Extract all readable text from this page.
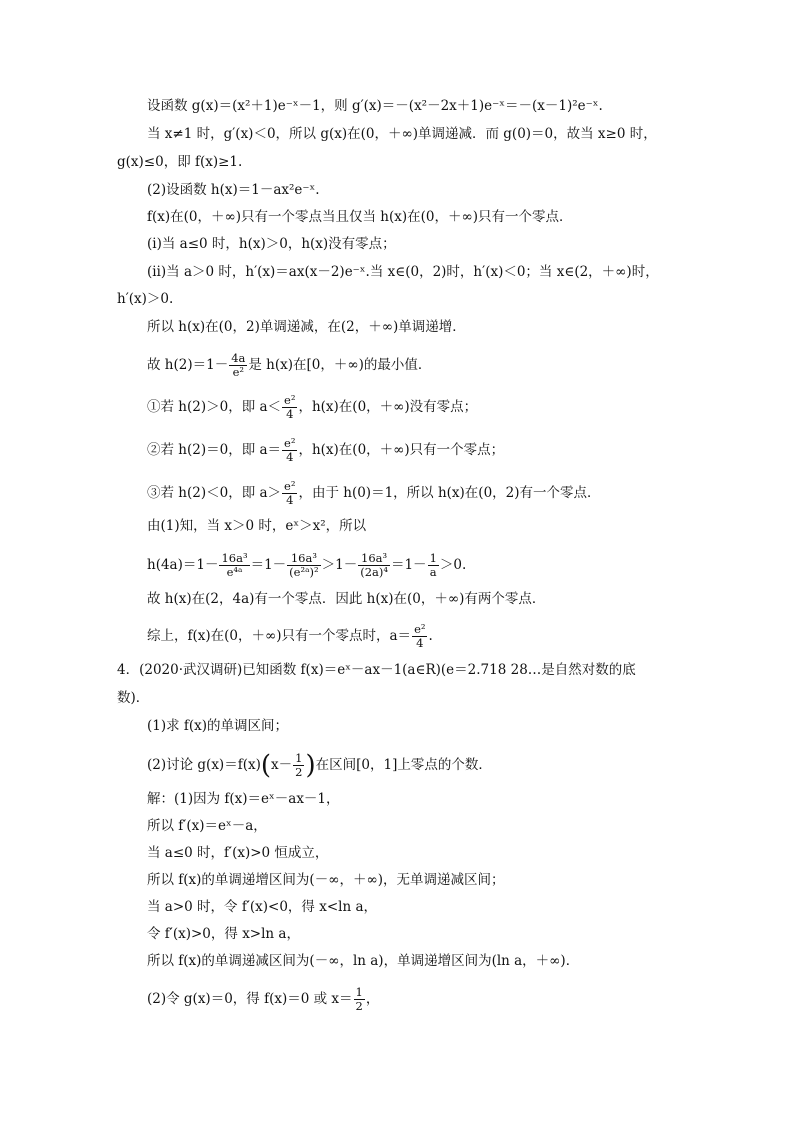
设函数 g(x)＝(x²＋1)e⁻ˣ－1，则 g′(x)＝－(x²－2x＋1)e⁻ˣ＝－(x－1)²e⁻ˣ.
当 x≠1 时，g′(x)＜0，所以 g(x)在(0，＋∞)单调递减．而 g(0)＝0，故当 x≥0 时，
g(x)≤0，即 f(x)≥1.
(2)设函数 h(x)＝1－ax²e⁻ˣ.
f(x)在(0，＋∞)只有一个零点当且仅当 h(x)在(0，＋∞)只有一个零点．
(ⅰ)当 a≤0 时，h(x)＞0，h(x)没有零点；
(ⅱ)当 a＞0 时，h′(x)＝ax(x－2)e⁻ˣ.当 x∈(0，2)时，h′(x)＜0；当 x∈(2，＋∞)时，
h′(x)＞0.
所以 h(x)在(0，2)单调递减，在(2，＋∞)单调递增．
故 $h(2)=1- \frac{4a}{\text{e²}}$ 是 h(x)在[0，＋∞)的最小值．
①若 h(2)＞0，即 $a< \frac{\text{e²}}{4}$ ，h(x)在(0，＋∞)没有零点；
②若 h(2)＝0，即 $a= \frac{\text{e²}}{4}$ ，h(x)在(0，＋∞)只有一个零点；
③若 h(2)＜0，即 $a> \frac{\text{e²}}{4}$ ，由于 h(0)＝1，所以 h(x)在(0，2)有一个零点．
由(1)知，当 x＞0 时，eˣ＞x²，所以
$h(4a)=1- \frac{\text{16a³}}{\text{e⁴ᵃ}} =1- \frac{\text{16a³}}{\text{(e²ᵃ)²}} >1- \frac{\text{16a³}}{\text{(2a)⁴}} =1- \frac{1}{a} >0$.
故 h(x)在(2，4a)有一个零点．因此 h(x)在(0，＋∞)有两个零点．
综上，f(x)在(0，＋∞)只有一个零点时，$a= \frac{\text{e²}}{4}$ .
4．(2020·武汉调研)已知函数 f(x)＝eˣ－ax－1(a∈R)(e＝2.718 28…是自然对数的底
数)．
(1)求 f(x)的单调区间；
(2)讨论 $g(x)=f(x)(x- \frac{1}{2}$ )在区间[0，1]上零点的个数．
解：(1)因为 f(x)＝eˣ－ax－1，
所以 f′(x)＝eˣ－a，
当 a≤0 时，f′(x)>0 恒成立，
所以 f(x)的单调递增区间为(－∞，＋∞)，无单调递减区间；
当 a>0 时，令 f′(x)<0，得 x<ln a，
令 f′(x)>0，得 x>ln a，
所以 f(x)的单调递减区间为(－∞，ln a)，单调递增区间为(ln a，＋∞)．
(2)令 g(x)＝0，得 f(x)＝0 或 $x= \frac{1}{2}$ ，
